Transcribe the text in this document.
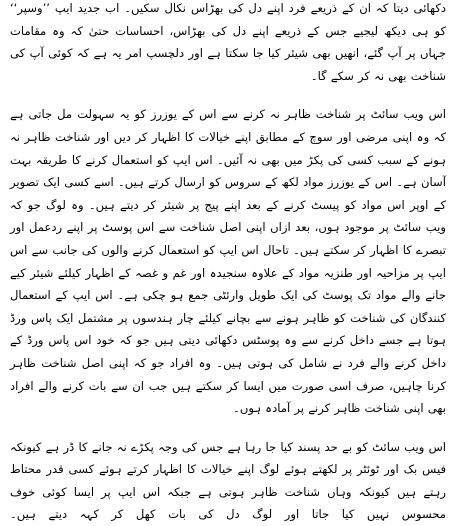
دکھائی دیتا کہ ان کے ذریعے فرد اپنے دل کی بھڑاس نکال سکیں۔ اب جدید ایپ ’’وسپر‘‘ کو ہی دیکھ لیجیے جس کے ذریعے اپنے دل کی بھڑاس، احساسات حتیٰ کہ وہ مقامات جہاں پر آپ گئے، انھیں بھی شیئر کیا جا سکتا ہے اور دلچسپ امر یہ ہے کہ کوئی آپ کی شناخت بھی نہ کر سکے گا۔

اس ویب سائٹ پر شناخت ظاہر نہ کرنے سے اس کے یوزرز کو یہ سہولت مل جاتی ہے کہ وہ اپنی مرضی اور سوچ کے مطابق اپنے خیالات کا اظہار کر دیں اور شناخت ظاہر نہ ہونے کے سبب کسی کی پکڑ میں بھی نہ آئیں۔ اس ایپ کو استعمال کرنے کا طریقہ بہت آسان ہے۔ اس کے یوزرز مواد لکھ کے سروس کو ارسال کرتے ہیں۔ اسے کسی ایک تصویر کے اوپر اس مواد کو پیسٹ کرنے کے بعد اپنے پیج پر شیئر کر دیتے ہیں۔ وہ لوگ جو کہ ویب سائٹ پر موجود ہوں، بعد ازاں اپنی اصل شناخت سے اس پوسٹ پر اپنے ردعمل اور تبصرے کا اظہار کر سکتے ہیں۔ تاحال اس ایپ کو استعمال کرنے والوں کی جانب سے اس ایپ پر مزاحیہ اور طنزیہ مواد کے علاوہ سنجیدہ اور غم و غصہ کے اظہار کیلئے شیئر کیے جانے والے مواد تک پوسٹ کی ایک طویل وارئٹی جمع ہو چکی ہے۔ اس ایپ کے استعمال کنندگان کی شناخت کو ظاہر ہونے سے بچانے کیلئے چار ہندسوں پر مشتمل ایک پاس ورڈ ہوتا ہے جسے داخل کرنے سے وہ پوسٹس دکھائی دیتی ہیں جو کہ خود اس پاس ورڈ کے داخل کرنے والے فرد نے شامل کی ہوتی ہیں۔ وہ افراد جو کہ اپنی اصل شناخت ظاہر کرنا چاہیں، صرف اسی صورت میں ایسا کر سکتے ہیں جب ان سے بات کرنے والے افراد بھی اپنی شناخت ظاہر کرنے پر آمادہ ہوں۔

اس ویب سائٹ کو بے حد پسند کیا جا رہا ہے جس کی وجہ پکڑے نہ جانے کا ڈر ہے کیونکہ فیس بک اور ٹوئٹر پر لکھتے ہوئے لوگ اپنے خیالات کا اظہار کرتے ہوئے کسی قدر محتاط رہتے ہیں کیونکہ وہاں شناخت ظاہر ہوتی ہے جبکہ اس ایپ پر ایسا کوئی خوف محسوس نہیں کیا جاتا اور لوگ دل کی بات کھل کر کہہ دیتے ہیں۔
